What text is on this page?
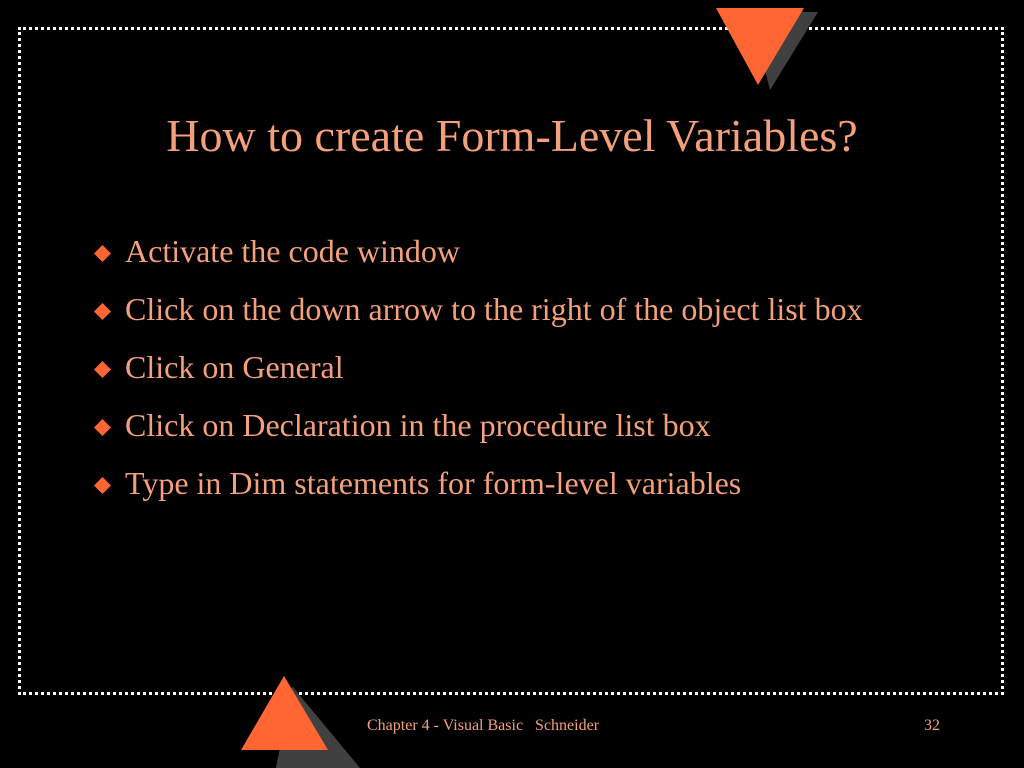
How to create Form-Level Variables?
Activate the code window
Click on the down arrow to the right of the object list box
Click on General
Click on Declaration in the procedure list box
Type in Dim statements for form-level variables
Chapter 4 - Visual Basic   Schneider	32
